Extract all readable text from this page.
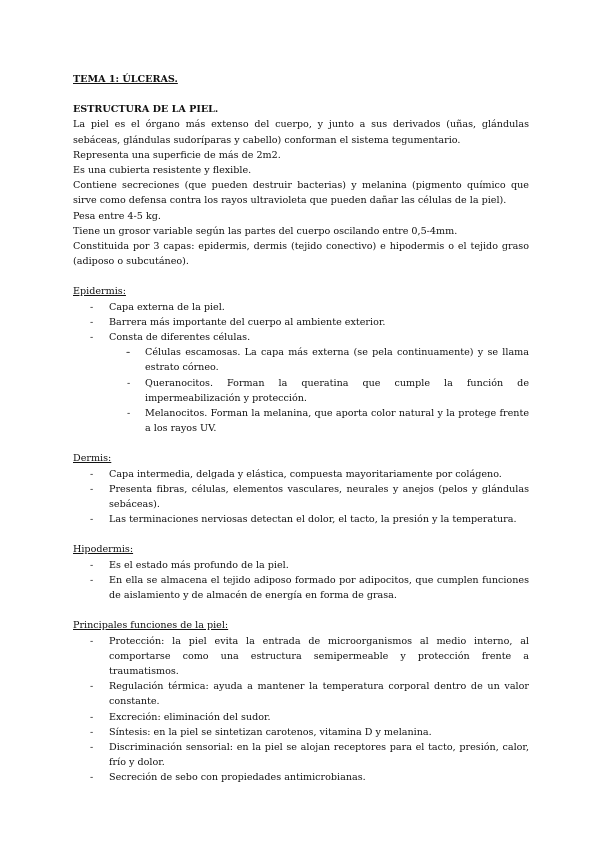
TEMA 1: ÚLCERAS.

ESTRUCTURA DE LA PIEL.

La piel es el órgano más extenso del cuerpo, y junto a sus derivados (uñas, glándulas sebáceas, glándulas sudoríparas y cabello) conforman el sistema tegumentario.

Representa una superficie de más de 2m2.

Es una cubierta resistente y flexible.

Contiene secreciones (que pueden destruir bacterias) y melanina (pigmento químico que sirve como defensa contra los rayos ultravioleta que pueden dañar las células de la piel).

Pesa entre 4-5 kg.

Tiene un grosor variable según las partes del cuerpo oscilando entre 0,5-4mm.

Constituida por 3 capas: epidermis, dermis (tejido conectivo) e hipodermis o el tejido graso (adiposo o subcutáneo).

Epidermis:
- Capa externa de la piel.
- Barrera más importante del cuerpo al ambiente exterior.
- Consta de diferentes células.
- - Células escamosas. La capa más externa (se pela continuamente) y se llama estrato córneo.
- Queranocitos. Forman la queratina que cumple la función de impermeabilización y protección.
- Melanocitos. Forman la melanina, que aporta color natural y la protege frente a los rayos UV.
Dermis:
- Capa intermedia, delgada y elástica, compuesta mayoritariamente por colágeno.
- Presenta fibras, células, elementos vasculares, neurales y anejos (pelos y glándulas sebáceas).
- Las terminaciones nerviosas detectan el dolor, el tacto, la presión y la temperatura.
Hipodermis:
- Es el estado más profundo de la piel.
- En ella se almacena el tejido adiposo formado por adipocitos, que cumplen funciones de aislamiento y de almacén de energía en forma de grasa.
Principales funciones de la piel:
- Protección: la piel evita la entrada de microorganismos al medio interno, al comportarse como una estructura semipermeable y protección frente a traumatismos.
- Regulación térmica: ayuda a mantener la temperatura corporal dentro de un valor constante.
- Excreción: eliminación del sudor.
- Síntesis: en la piel se sintetizan carotenos, vitamina D y melanina.
- Discriminación sensorial: en la piel se alojan receptores para el tacto, presión, calor, frío y dolor.
- Secreción de sebo con propiedades antimicrobianas.
